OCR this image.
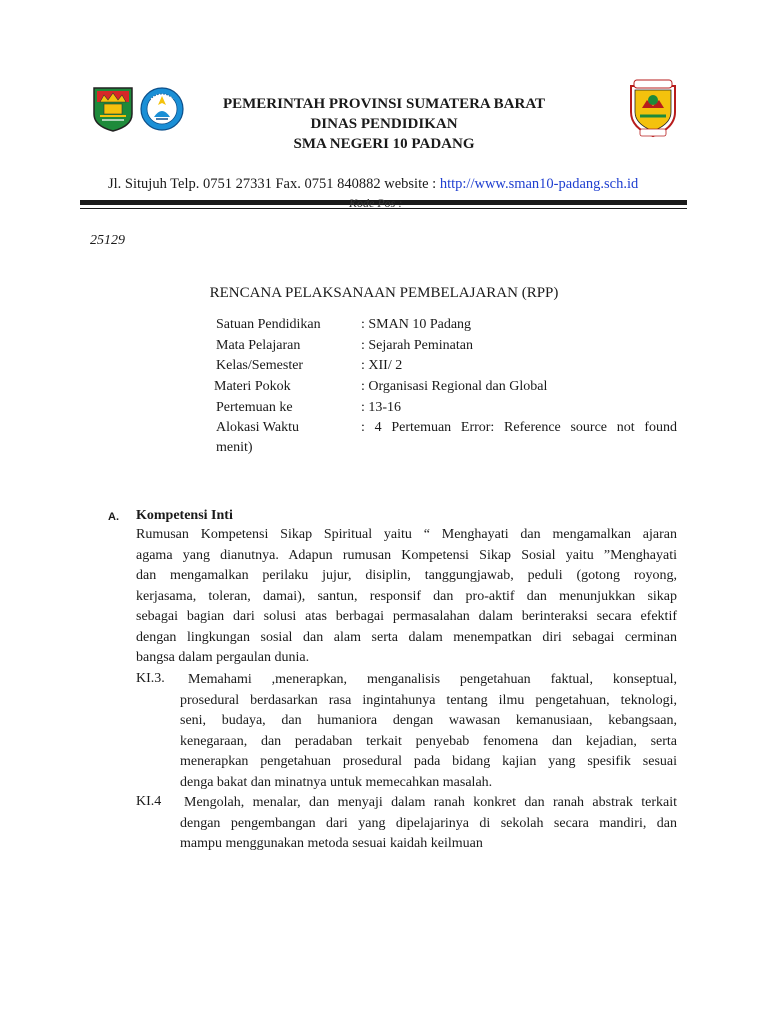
PEMERINTAH PROVINSI SUMATERA BARAT
DINAS PENDIDIKAN
SMA NEGERI 10 PADANG
Jl. Situjuh Telp. 0751 27331 Fax. 0751 840882 website : http://www.sman10-padang.sch.id
Kode Pos :
25129
RENCANA PELAKSANAAN PEMBELAJARAN (RPP)
Satuan Pendidikan	: SMAN 10 Padang
Mata Pelajaran	: Sejarah Peminatan
Kelas/Semester	: XII/ 2
Materi Pokok	: Organisasi Regional dan Global
Pertemuan ke	: 13-16
Alokasi Waktu	: 4 Pertemuan Error: Reference source not found
menit)
A. Kompetensi Inti
Rumusan Kompetensi Sikap Spiritual yaitu “ Menghayati dan mengamalkan ajaran
agama yang dianutnya. Adapun rumusan Kompetensi Sikap Sosial yaitu ”Menghayati
dan mengamalkan perilaku jujur, disiplin, tanggungjawab, peduli (gotong royong,
kerjasama, toleran, damai), santun, responsif dan pro-aktif dan menunjukkan sikap
sebagai bagian dari solusi atas berbagai permasalahan dalam berinteraksi secara efektif
dengan lingkungan sosial dan alam serta dalam menempatkan diri sebagai cerminan
bangsa dalam pergaulan dunia.
KI.3.	Memahami ,menerapkan, menganalisis pengetahuan faktual, konseptual,
prosedural berdasarkan rasa ingintahunya tentang ilmu pengetahuan, teknologi,
seni, budaya, dan humaniora dengan wawasan kemanusiaan, kebangsaan,
kenegaraan, dan peradaban terkait penyebab fenomena dan kejadian, serta
menerapkan pengetahuan prosedural pada bidang kajian yang spesifik sesuai
denga bakat dan minatnya untuk memecahkan masalah.
KI.4 Mengolah, menalar, dan menyaji dalam ranah konkret dan ranah abstrak terkait
dengan pengembangan dari yang dipelajarinya di sekolah secara mandiri, dan
mampu menggunakan metoda sesuai kaidah keilmuan
